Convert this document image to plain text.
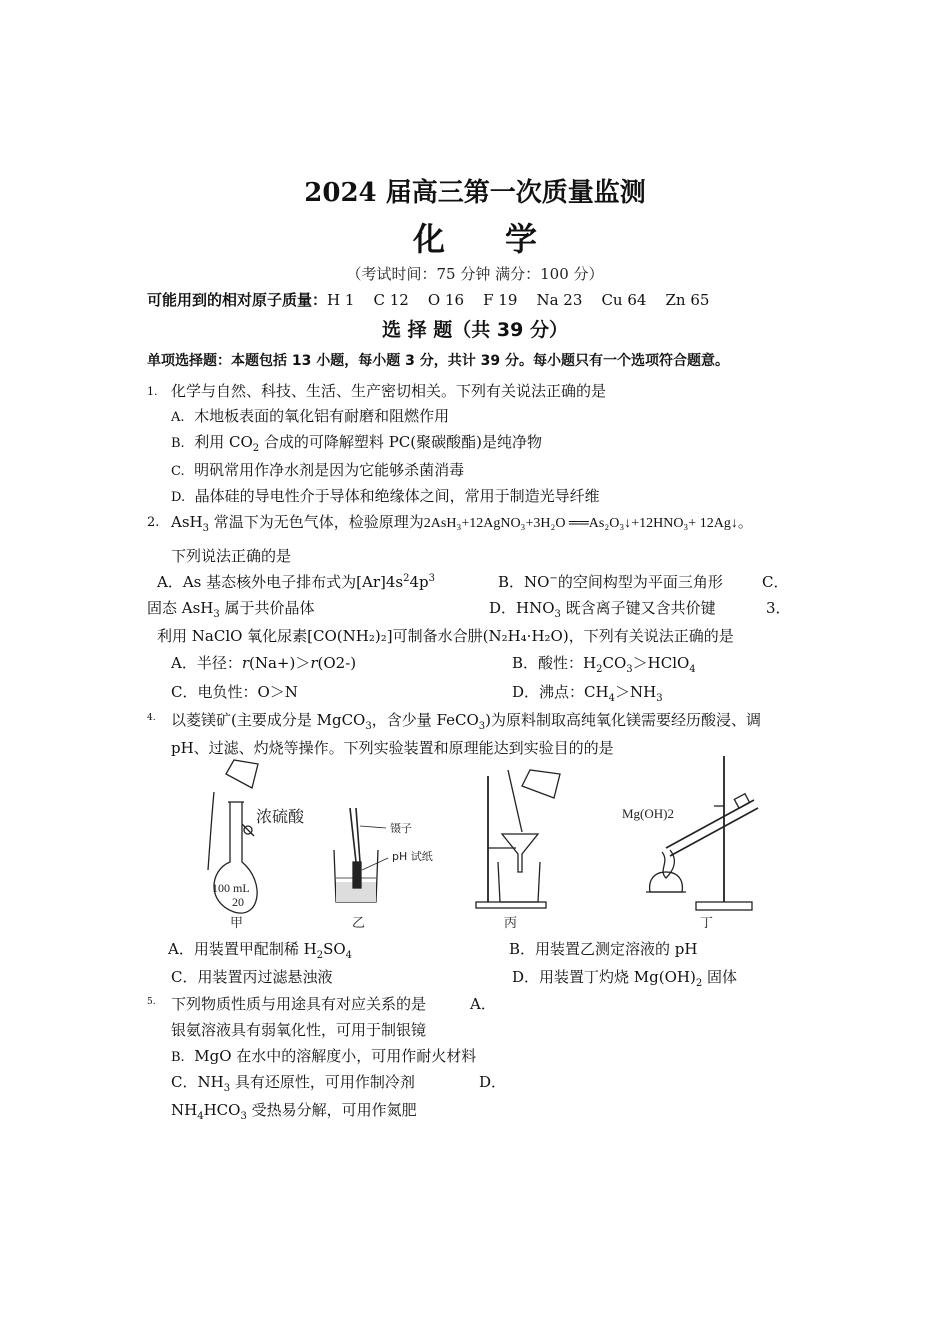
2024 届高三第一次质量监测
化 学
（考试时间：75 分钟 满分：100 分）
可能用到的相对原子质量：H 1    C 12    O 16    F 19    Na 23    Cu 64    Zn 65
选 择 题（共 39 分）
单项选择题：本题包括 13 小题，每小题 3 分，共计 39 分。每小题只有一个选项符合题意。
1. 化学与自然、科技、生活、生产密切相关。下列有关说法正确的是
A. 木地板表面的氧化铝有耐磨和阻燃作用
B. 利用 $CO_2$ 合成的可降解塑料 PC(聚碳酸酯)是纯净物
C. 明矾常用作净水剂是因为它能够杀菌消毒
D. 晶体硅的导电性介于导体和绝缘体之间，常用于制造光导纤维
2. AsH$_3$ 常温下为无色气体，检验原理为2AsH₃+12AgNO₃+3H₂O ══As₂O₃↓+12HNO₃+ 12Ag↓。
下列说法正确的是
A．As 基态核外电子排布式为$[Ar]4s^24p^3$	B．NO−的空间构型为平面三角形	C．
固态 AsH$_3$ 属于共价晶体	D．$HNO_3$ 既含离子键又含共价键	3．
利用 NaClO 氧化尿素[CO(NH₂)₂]可制备水合肼(N₂H₄·H₂O)，下列有关说法正确的是
A．半径：r(Na+)＞r(O2-)	B．酸性：$H_2CO_3>HClO_4$
C．电负性：O＞N	D．沸点：$CH_4>NH_3$
4. 以菱镁矿(主要成分是 MgCO$_3$，含少量 FeCO$_3$)为原料制取高纯氧化镁需要经历酸浸、调
pH、过滤、灼烧等操作。下列实验装置和原理能达到实验目的的是
100 mL
20
浓硫酸
甲
镊子
pH 试纸
乙	丙
Mg(OH)2
丁
A．用装置甲配制稀 $H_2SO_4$	B．用装置乙测定溶液的 pH
C．用装置丙过滤悬浊液	D．用装置丁灼烧 $Mg(OH)_2$ 固体
5. 下列物质性质与用途具有对应关系的是	A．
银氨溶液具有弱氧化性，可用于制银镜
B. MgO 在水中的溶解度小，可用作耐火材料
C．$NH_3$ 具有还原性，可用作制冷剂	D．
$NH_4HCO_3$ 受热易分解，可用作氮肥
